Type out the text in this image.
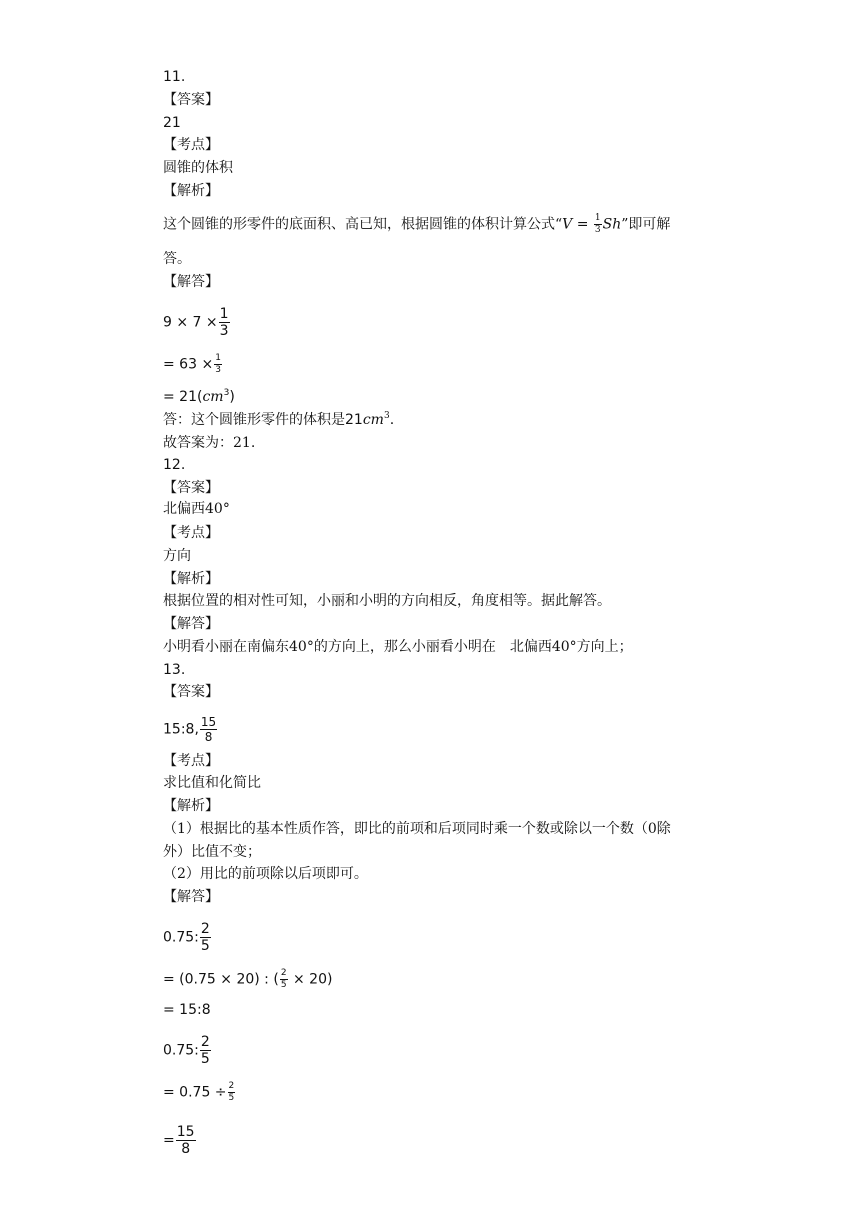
11.
【答案】
21
【考点】
圆锥的体积
【解析】
这个圆锥的形零件的底面积、高已知，根据圆锥的体积计算公式“$V = \frac{1}{3} Sh$”即可解
答。
【解答】
$9 \times 7 \times \frac{1}{3}$
= $63 \times \frac{1}{3}$
= $21(cm^3)$
答：这个圆锥形零件的体积是$21cm^3$.
故答案为：21.
12.
【答案】
北偏西40°
【考点】
方向
【解析】
根据位置的相对性可知，小丽和小明的方向相反，角度相等。据此解答。
【解答】
小明看小丽在南偏东40°的方向上，那么小丽看小明在　北偏西40°方向上；
13.
【答案】
15:8, $\frac{15}{8}$
【考点】
求比值和化简比
【解析】
（1）根据比的基本性质作答，即比的前项和后项同时乘一个数或除以一个数（0除
外）比值不变；
（2）用比的前项除以后项即可。
【解答】
0.75: $\frac{2}{5}$
= (0.75 × 20) : ( $\frac{2}{5} \times 20$)
= 15:8
0.75: $\frac{2}{5}$
= $0.75 \div \frac{2}{5}$
= $\frac{15}{8}$
